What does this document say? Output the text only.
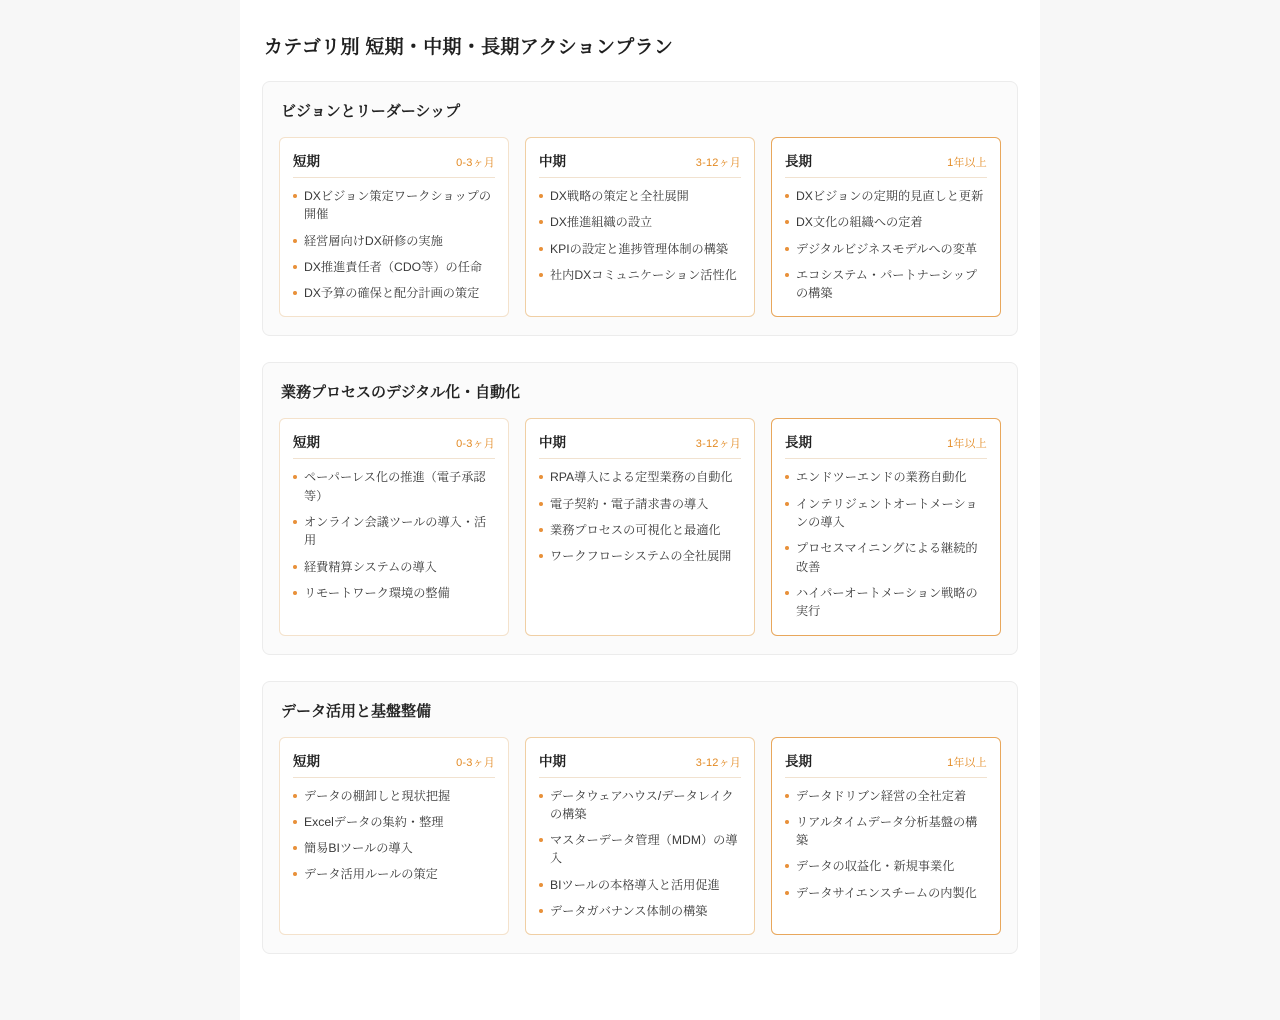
カテゴリ別 短期・中期・長期アクションプラン
ビジョンとリーダーシップ
短期	0-3ヶ月
DXビジョン策定ワークショップの開催
経営層向けDX研修の実施
DX推進責任者（CDO等）の任命
DX予算の確保と配分計画の策定
中期	3-12ヶ月
DX戦略の策定と全社展開
DX推進組織の設立
KPIの設定と進捗管理体制の構築
社内DXコミュニケーション活性化
長期	1年以上
DXビジョンの定期的見直しと更新
DX文化の組織への定着
デジタルビジネスモデルへの変革
エコシステム・パートナーシップの構築
業務プロセスのデジタル化・自動化
短期	0-3ヶ月
ペーパーレス化の推進（電子承認等）
オンライン会議ツールの導入・活用
経費精算システムの導入
リモートワーク環境の整備
中期	3-12ヶ月
RPA導入による定型業務の自動化
電子契約・電子請求書の導入
業務プロセスの可視化と最適化
ワークフローシステムの全社展開
長期	1年以上
エンドツーエンドの業務自動化
インテリジェントオートメーションの導入
プロセスマイニングによる継続的改善
ハイパーオートメーション戦略の実行
データ活用と基盤整備
短期	0-3ヶ月
データの棚卸しと現状把握
Excelデータの集約・整理
簡易BIツールの導入
データ活用ルールの策定
中期	3-12ヶ月
データウェアハウス/データレイクの構築
マスターデータ管理（MDM）の導入
BIツールの本格導入と活用促進
データガバナンス体制の構築
長期	1年以上
データドリブン経営の全社定着
リアルタイムデータ分析基盤の構築
データの収益化・新規事業化
データサイエンスチームの内製化
